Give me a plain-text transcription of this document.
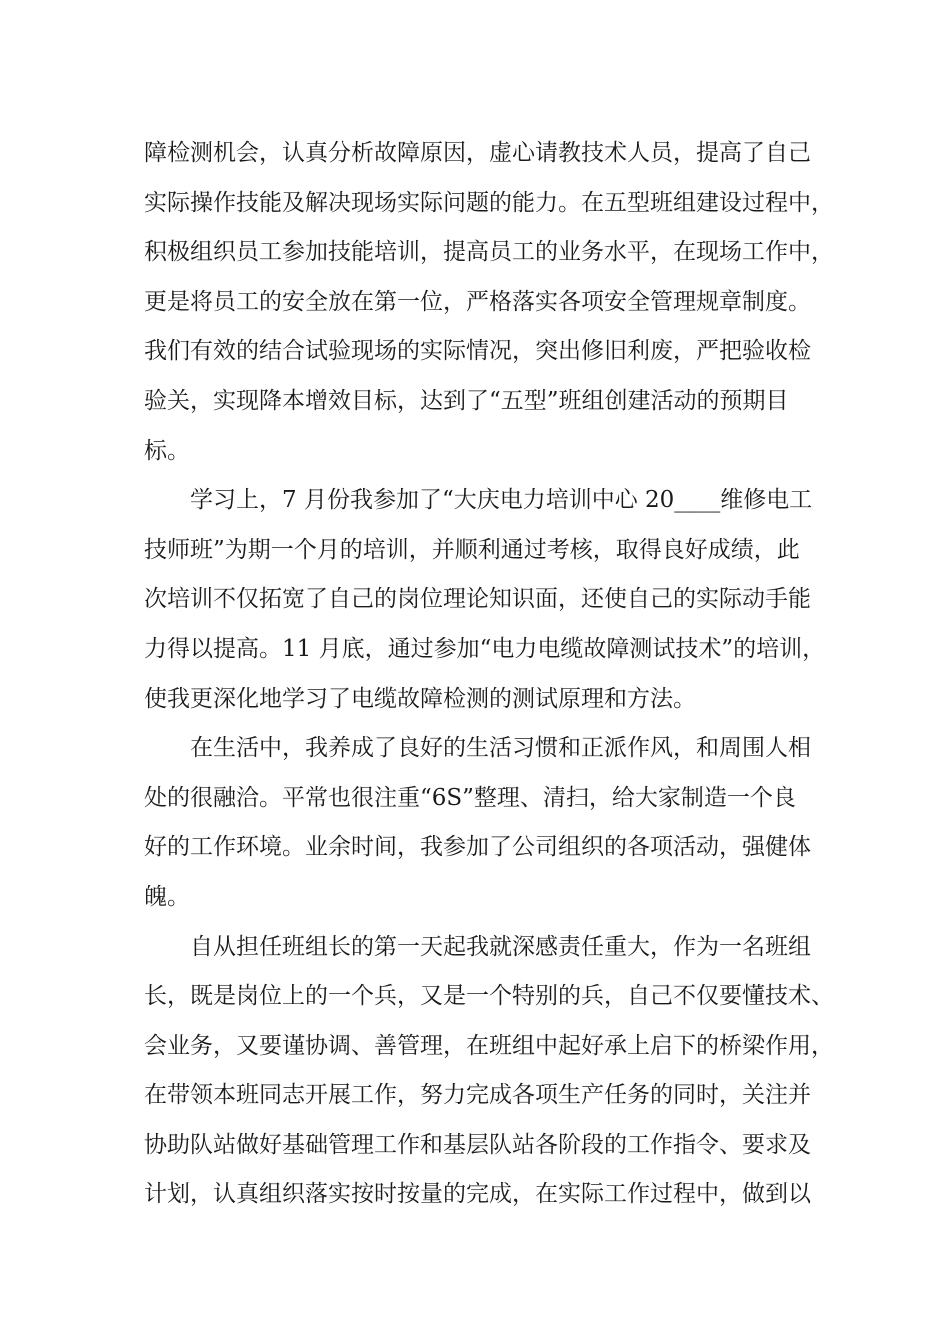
障检测机会，认真分析故障原因，虚心请教技术人员，提高了自己
实际操作技能及解决现场实际问题的能力。在五型班组建设过程中，
积极组织员工参加技能培训，提高员工的业务水平，在现场工作中，
更是将员工的安全放在第一位，严格落实各项安全管理规章制度。
我们有效的结合试验现场的实际情况，突出修旧利废，严把验收检
验关，实现降本增效目标，达到了“五型”班组创建活动的预期目
标。
学习上，7 月份我参加了“大庆电力培训中心 20____维修电工
技师班”为期一个月的培训，并顺利通过考核，取得良好成绩，此
次培训不仅拓宽了自己的岗位理论知识面，还使自己的实际动手能
力得以提高。11 月底，通过参加“电力电缆故障测试技术”的培训，
使我更深化地学习了电缆故障检测的测试原理和方法。
在生活中，我养成了良好的生活习惯和正派作风，和周围人相
处的很融洽。平常也很注重“6S”整理、清扫，给大家制造一个良
好的工作环境。业余时间，我参加了公司组织的各项活动，强健体
魄。
自从担任班组长的第一天起我就深感责任重大，作为一名班组
长，既是岗位上的一个兵，又是一个特别的兵，自己不仅要懂技术、
会业务，又要谨协调、善管理，在班组中起好承上启下的桥梁作用，
在带领本班同志开展工作，努力完成各项生产任务的同时，关注并
协助队站做好基础管理工作和基层队站各阶段的工作指令、要求及
计划，认真组织落实按时按量的完成，在实际工作过程中，做到以
